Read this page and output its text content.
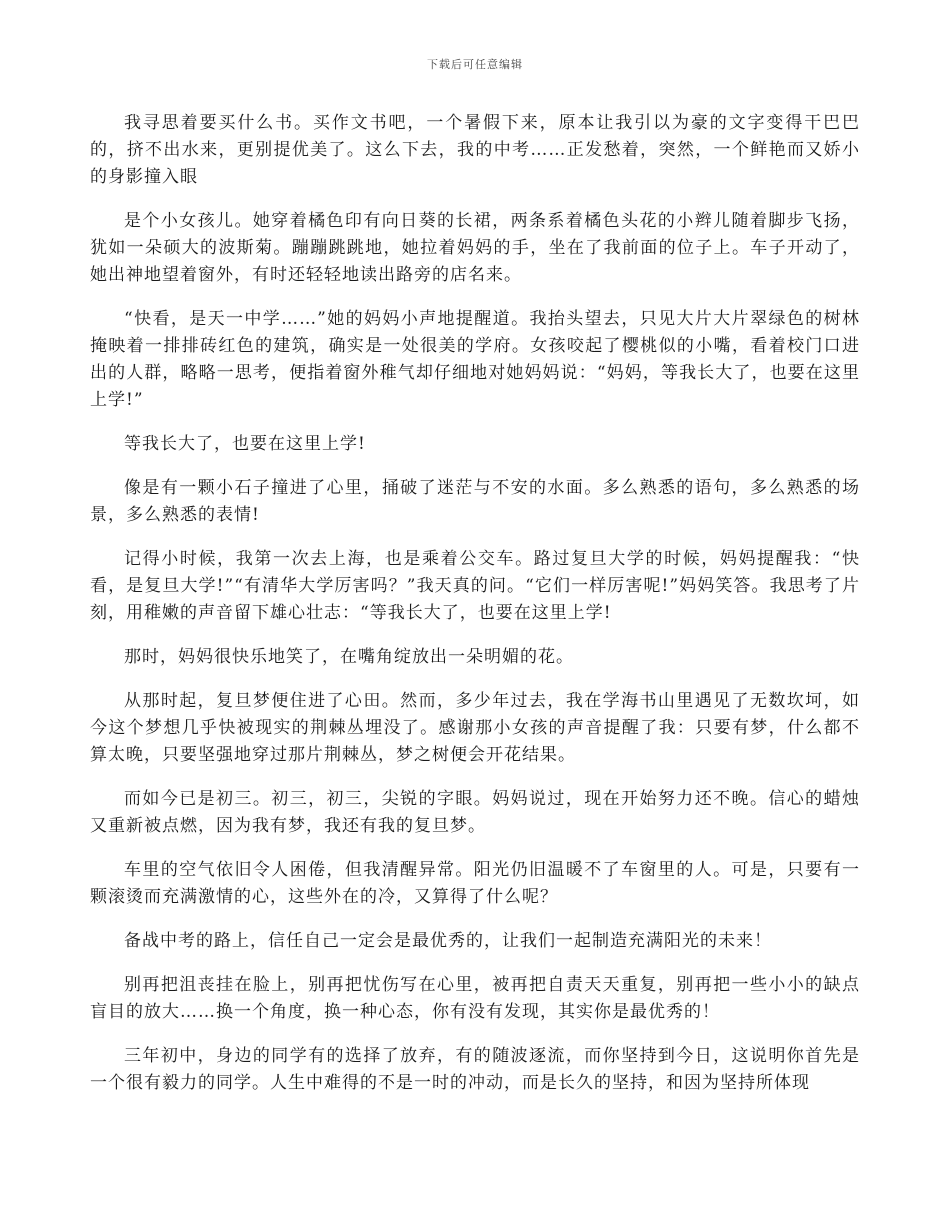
下载后可任意编辑

我寻思着要买什么书。买作文书吧，一个暑假下来，原本让我引以为豪的文字变得干巴巴的，挤不出水来，更别提优美了。这么下去，我的中考……正发愁着，突然，一个鲜艳而又娇小的身影撞入眼

是个小女孩儿。她穿着橘色印有向日葵的长裙，两条系着橘色头花的小辫儿随着脚步飞扬，犹如一朵硕大的波斯菊。蹦蹦跳跳地，她拉着妈妈的手，坐在了我前面的位子上。车子开动了，她出神地望着窗外，有时还轻轻地读出路旁的店名来。

“快看，是天一中学……”她的妈妈小声地提醒道。我抬头望去，只见大片大片翠绿色的树林掩映着一排排砖红色的建筑，确实是一处很美的学府。女孩咬起了樱桃似的小嘴，看着校门口进出的人群，略略一思考，便指着窗外稚气却仔细地对她妈妈说：“妈妈，等我长大了，也要在这里上学!”

等我长大了，也要在这里上学!

像是有一颗小石子撞进了心里，捅破了迷茫与不安的水面。多么熟悉的语句，多么熟悉的场景，多么熟悉的表情!

记得小时候，我第一次去上海，也是乘着公交车。路过复旦大学的时候，妈妈提醒我：“快看，是复旦大学!”“有清华大学厉害吗？”我天真的问。“它们一样厉害呢!”妈妈笑答。我思考了片刻，用稚嫩的声音留下雄心壮志：“等我长大了，也要在这里上学!

那时，妈妈很快乐地笑了，在嘴角绽放出一朵明媚的花。

从那时起，复旦梦便住进了心田。然而，多少年过去，我在学海书山里遇见了无数坎坷，如今这个梦想几乎快被现实的荆棘丛埋没了。感谢那小女孩的声音提醒了我：只要有梦，什么都不算太晚，只要坚强地穿过那片荆棘丛，梦之树便会开花结果。

而如今已是初三。初三，初三，尖锐的字眼。妈妈说过，现在开始努力还不晚。信心的蜡烛又重新被点燃，因为我有梦，我还有我的复旦梦。

车里的空气依旧令人困倦，但我清醒异常。阳光仍旧温暖不了车窗里的人。可是，只要有一颗滚烫而充满激情的心，这些外在的冷，又算得了什么呢？

备战中考的路上，信任自己一定会是最优秀的，让我们一起制造充满阳光的未来！

别再把沮丧挂在脸上，别再把忧伤写在心里，被再把自责天天重复，别再把一些小小的缺点盲目的放大……换一个角度，换一种心态，你有没有发现，其实你是最优秀的！

三年初中，身边的同学有的选择了放弃，有的随波逐流，而你坚持到今日，这说明你首先是一个很有毅力的同学。人生中难得的不是一时的冲动，而是长久的坚持，和因为坚持所体现
